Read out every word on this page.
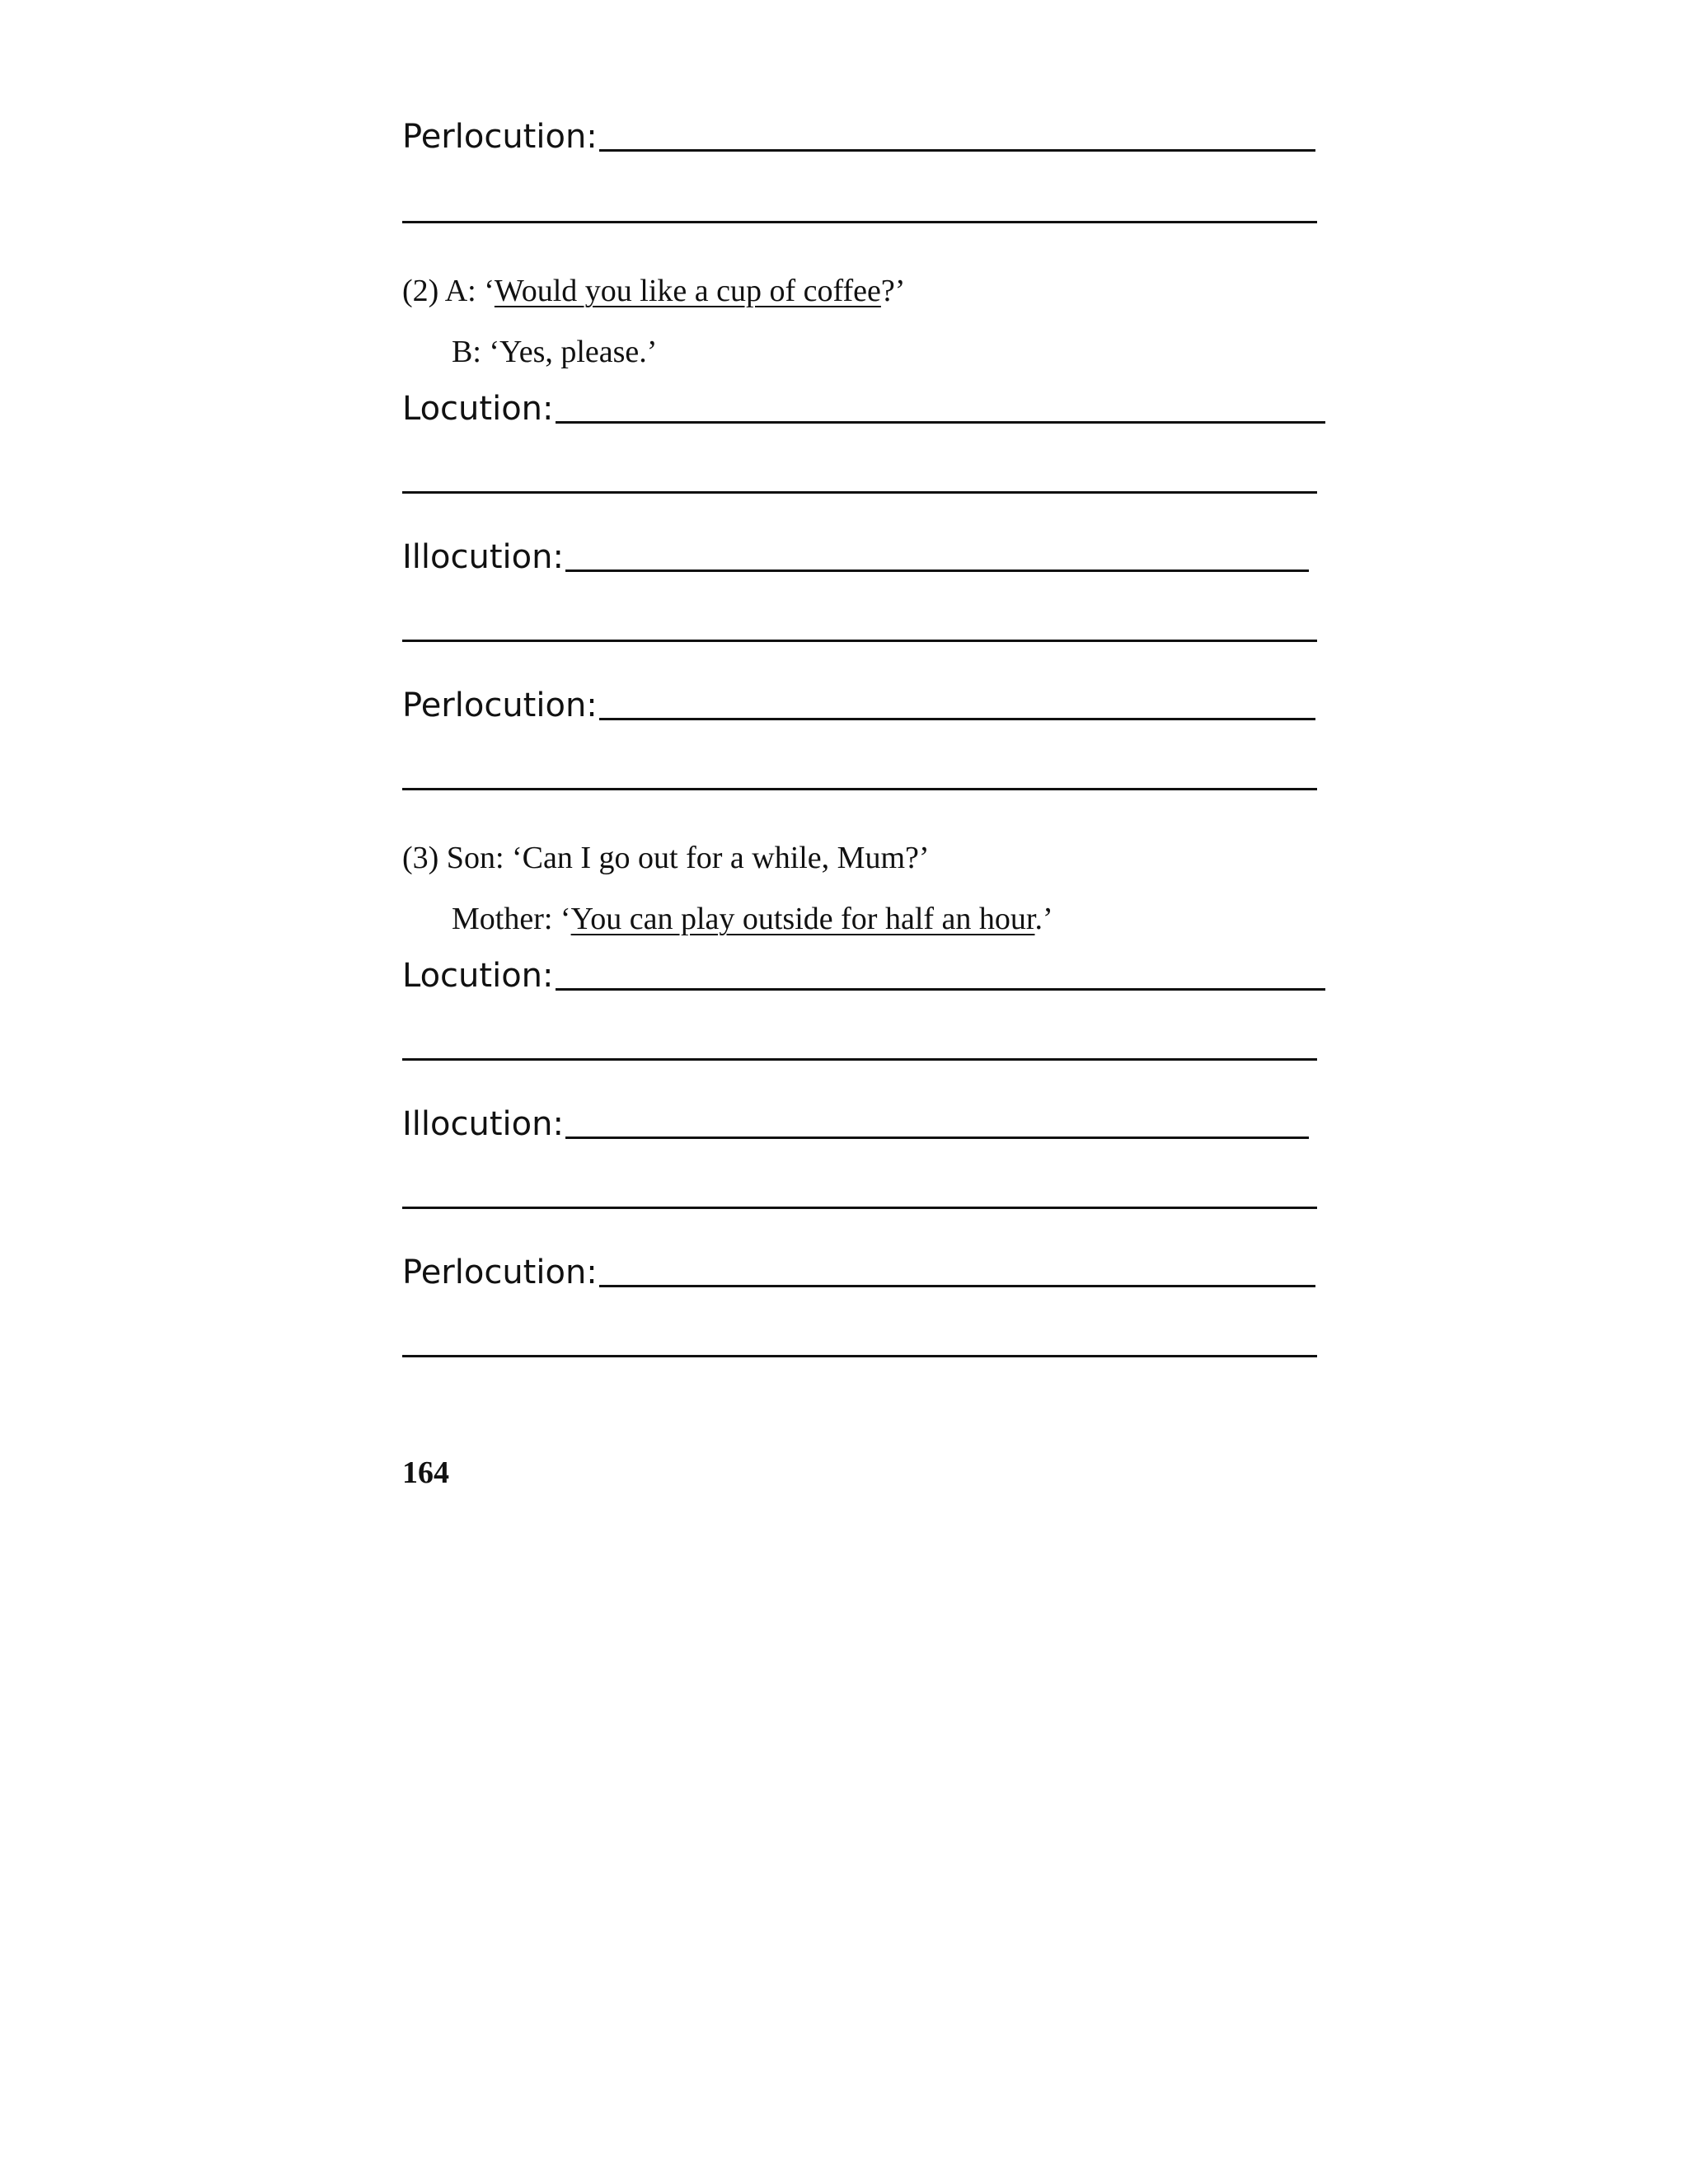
Perlocution:
(2) A: ‘Would you like a cup of coffee?’
B: ‘Yes, please.’
Locution:
Illocution:
Perlocution:
(3) Son: ‘Can I go out for a while, Mum?’
Mother: ‘You can play outside for half an hour.’
Locution:
Illocution:
Perlocution:
164
